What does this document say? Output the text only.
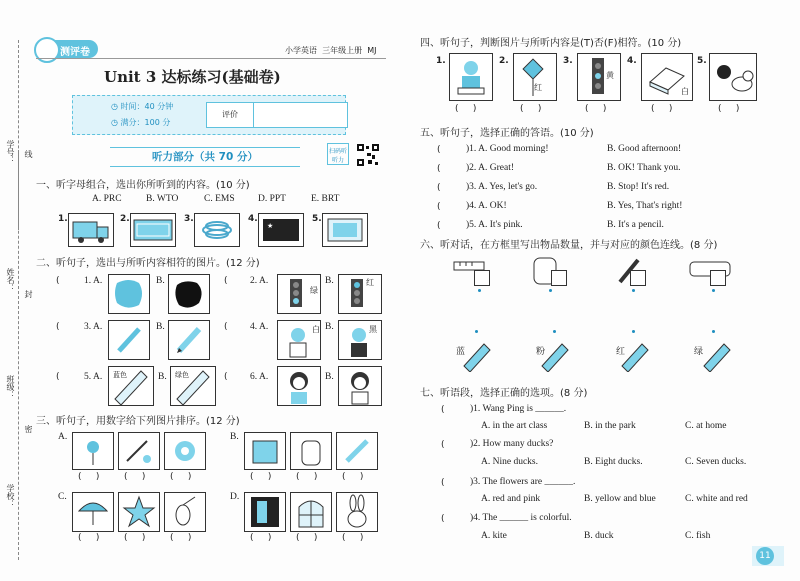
学号： 线
姓名：
封
班级：
密
学校：
测评卷	小学英语 三年级上册 MJ
Unit 3 达标练习(基础卷)
◷ 时间：40 分钟
◷ 满分：100 分
评价
听力部分（共 70 分）	扫码听听力
一、听字母组合，选出你所听到的内容。(10 分)
A. PRC	B. WTO	C. EMS D. PPT	E. BRT
1.	2.	3.	4.
★
5.
二、听句子，选出与所听内容相符的图片。(12 分)
(	1. A.	B.	( 2. A.
绿
B.	红
(	3. A.	B.	( 4. A.	白 B.	黑
(	5. A. 蓝色	B. 绿色	( 6. A.	B.
三、听句子，用数字给下列图片排序。(12 分)
A.
(     )	(     )	(     )
B.
(     )	(     )	(     )
C.
(     )	(     )	(     )
D.
(     )	(     )	(     )
四、听句子，判断图片与所听内容是(T)否(F)相符。(10 分)
1.	2.
红
3.
黄
4.
白
5.
(     )	(     )	(     )	(     )	(     )
五、听句子，选择正确的答语。(10 分)
(	)1. A. Good morning!	B. Good afternoon!
(	)2. A. Great!	B. OK! Thank you.
(	)3. A. Yes, let's go.	B. Stop! It's red.
(	)4. A. OK!	B. Yes, That's right!
(	)5. A. It's pink.	B. It's a pencil.
六、听对话，在方框里写出物品数量，并与对应的颜色连线。(8 分)
蓝	粉	红	绿
七、听语段，选择正确的选项。(8 分)
(	)1. Wang Ping is ______.
A. in the art class	B. in the park	C. at home
(	)2. How many ducks?
A. Nine ducks.	B. Eight ducks.	C. Seven ducks.
(	)3. The flowers are ______.
A. red and pink	B. yellow and blue	C. white and red
(	)4. The ______ is colorful.
A. kite	B. duck	C. fish
11
